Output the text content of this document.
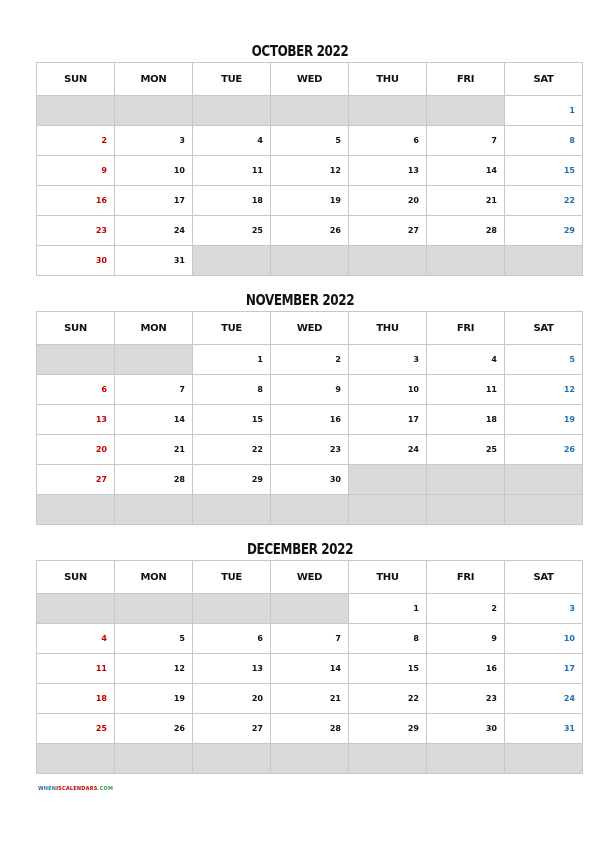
OCTOBER 2022
SUN	MON	TUE	WED	THU	FRI	SAT
						1
2	3	4	5	6	7	8
9	10	11	12	13	14	15
16	17	18	19	20	21	22
23	24	25	26	27	28	29
30	31					
NOVEMBER 2022
SUN	MON	TUE	WED	THU	FRI	SAT
		1	2	3	4	5
6	7	8	9	10	11	12
13	14	15	16	17	18	19
20	21	22	23	24	25	26
27	28	29	30			

DECEMBER 2022
SUN	MON	TUE	WED	THU	FRI	SAT
				1	2	3
4	5	6	7	8	9	10
11	12	13	14	15	16	17
18	19	20	21	22	23	24
25	26	27	28	29	30	31

WHENISCALENDARS.COM
